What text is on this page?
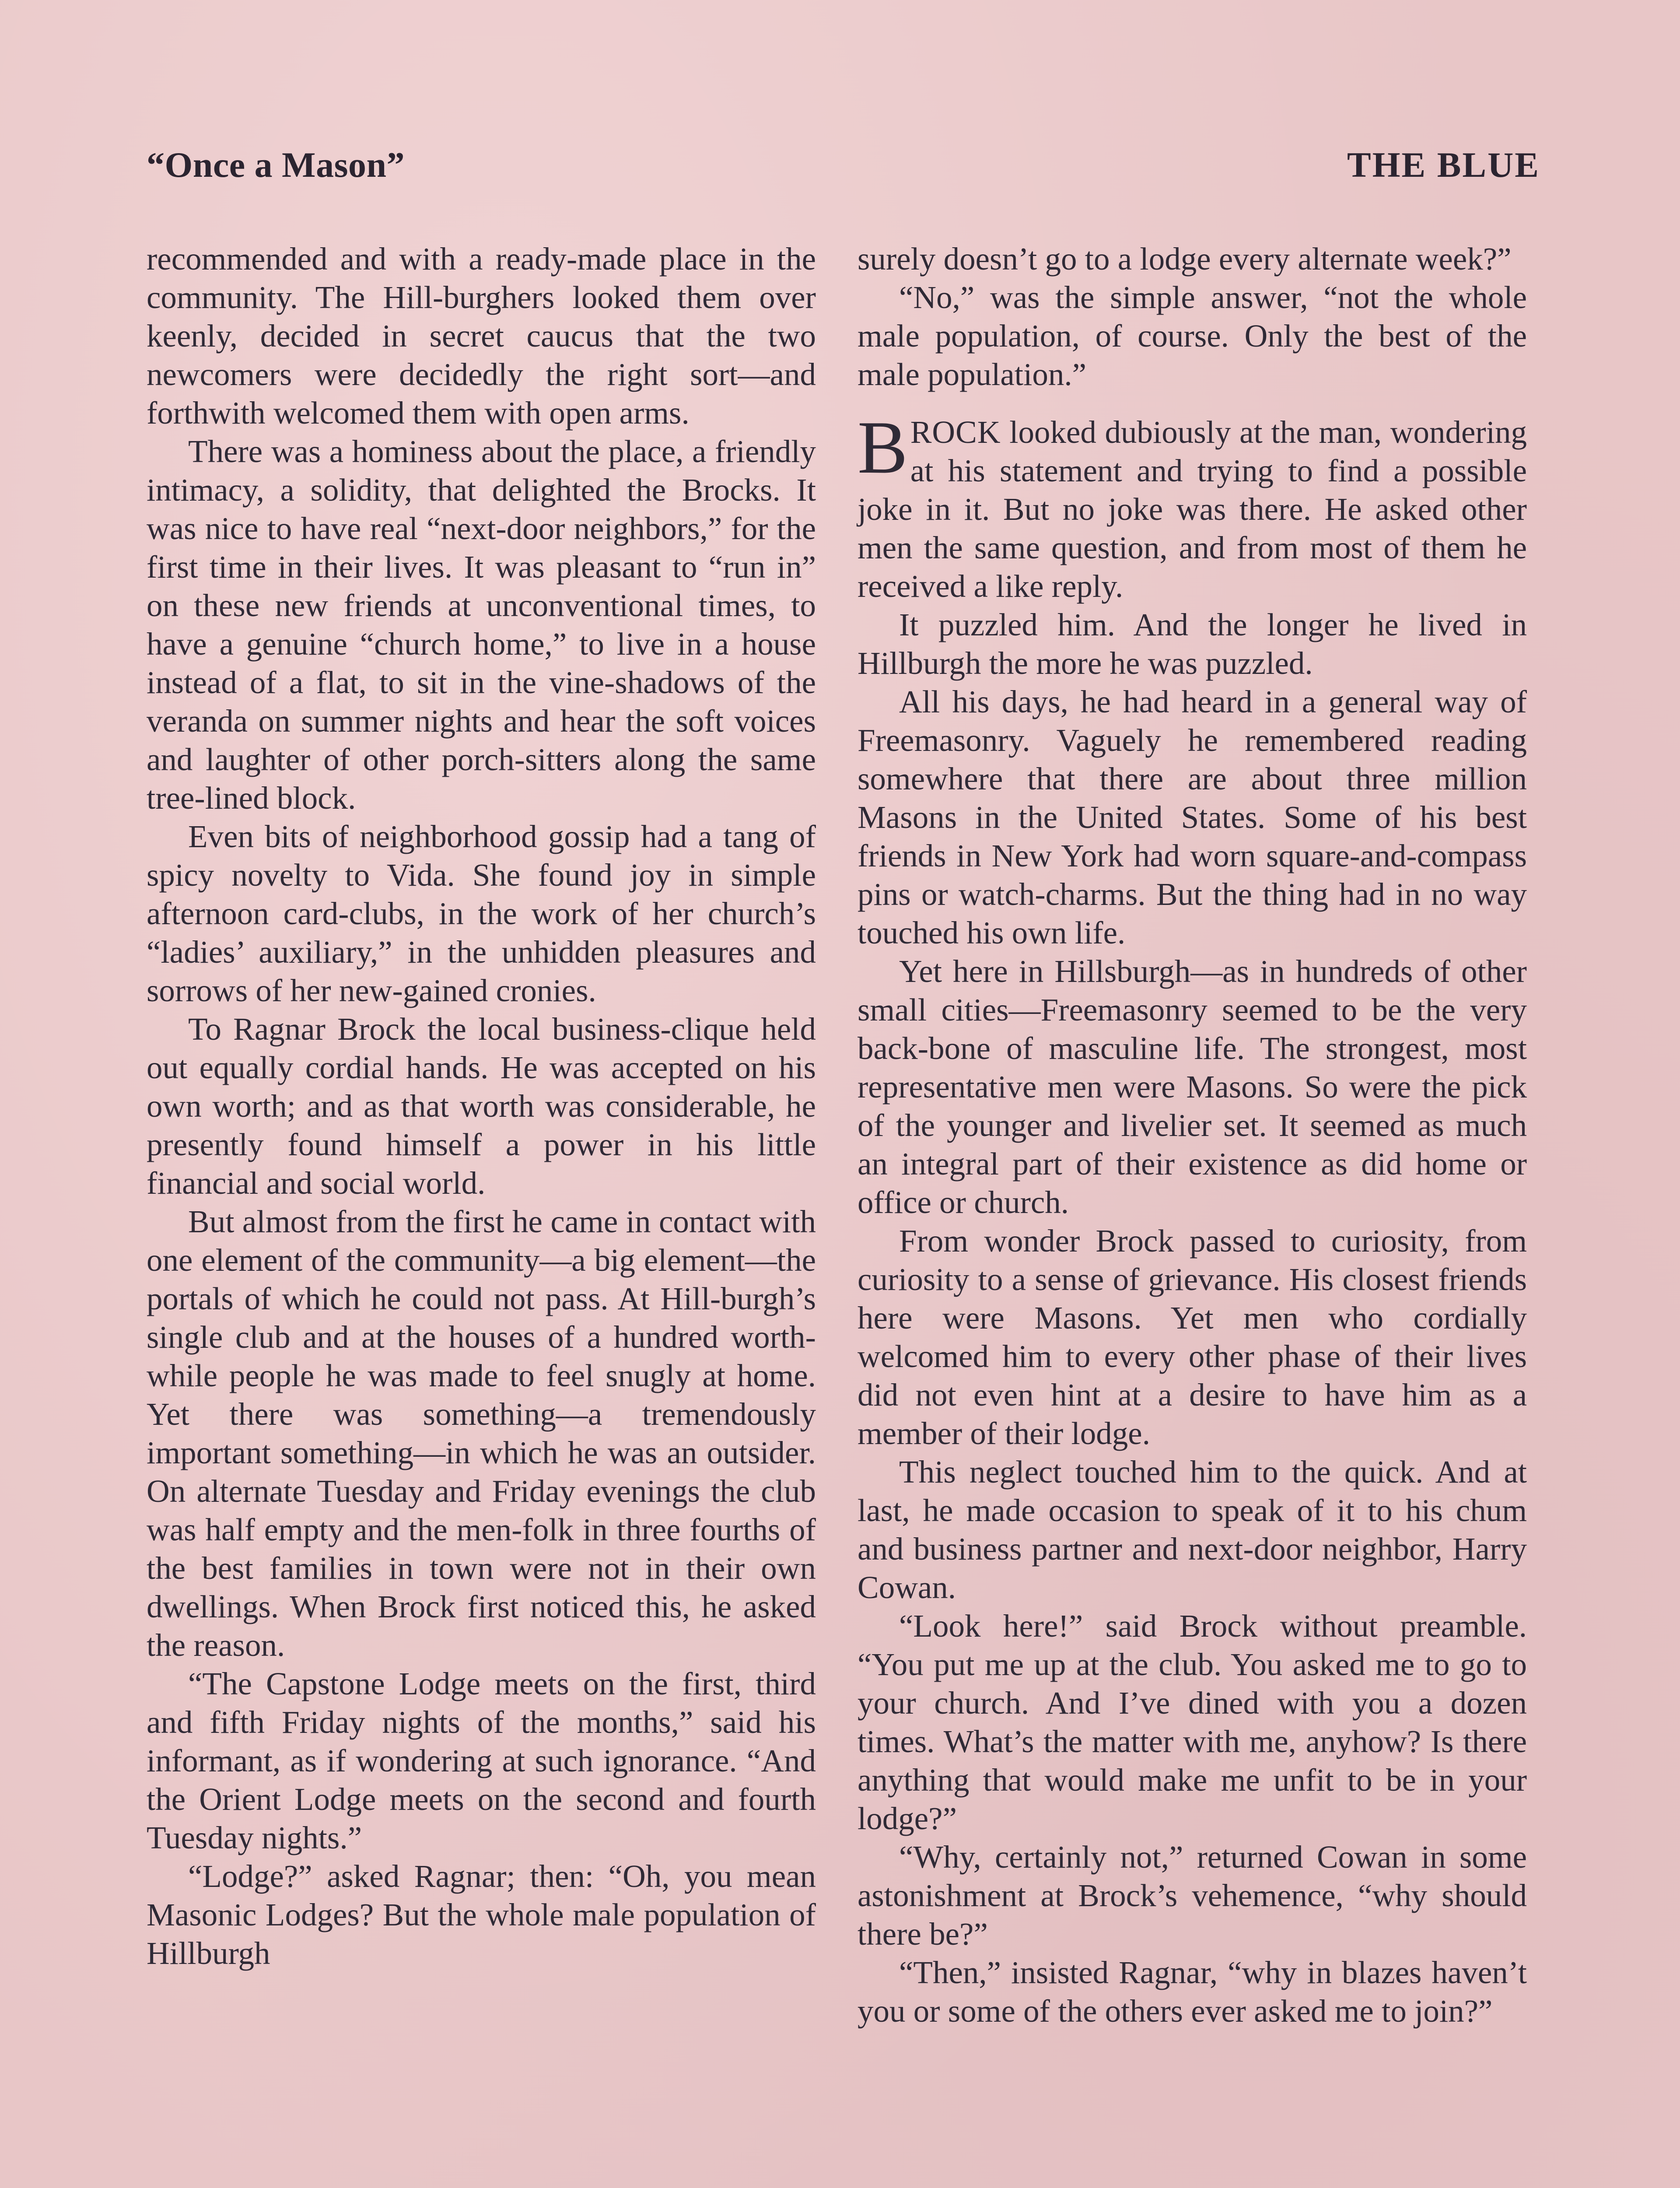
“Once a Mason”	THE BLUE

recommended and with a ready-made place in the community. The Hill-burghers looked them over keenly, decided in secret caucus that the two newcomers were decidedly the right sort—and forthwith welcomed them with open arms.

There was a hominess about the place, a friendly intimacy, a solidity, that delighted the Brocks. It was nice to have real “next-door neighbors,” for the first time in their lives. It was pleasant to “run in” on these new friends at unconventional times, to have a genuine “church home,” to live in a house instead of a flat, to sit in the vine-shadows of the veranda on summer nights and hear the soft voices and laughter of other porch-sitters along the same tree-lined block.

Even bits of neighborhood gossip had a tang of spicy novelty to Vida. She found joy in simple afternoon card-clubs, in the work of her church’s “ladies’ auxiliary,” in the unhidden pleasures and sorrows of her new-gained cronies.

To Ragnar Brock the local business-clique held out equally cordial hands. He was accepted on his own worth; and as that worth was considerable, he presently found himself a power in his little financial and social world.

But almost from the first he came in contact with one element of the community—a big element—the portals of which he could not pass. At Hill-burgh’s single club and at the houses of a hundred worth-while people he was made to feel snugly at home. Yet there was something—a tremendously important something—in which he was an outsider. On alternate Tuesday and Friday evenings the club was half empty and the men-folk in three fourths of the best families in town were not in their own dwellings. When Brock first noticed this, he asked the reason.

“The Capstone Lodge meets on the first, third and fifth Friday nights of the months,” said his informant, as if wondering at such ignorance. “And the Orient Lodge meets on the second and fourth Tuesday nights.”

“Lodge?” asked Ragnar; then: “Oh, you mean Masonic Lodges? But the whole male population of Hillburgh

surely doesn’t go to a lodge every alternate week?”

“No,” was the simple answer, “not the whole male population, of course. Only the best of the male population.”

BROCK looked dubiously at the man, wondering at his statement and trying to find a possible joke in it. But no joke was there. He asked other men the same question, and from most of them he received a like reply.

It puzzled him. And the longer he lived in Hillburgh the more he was puzzled.

All his days, he had heard in a general way of Freemasonry. Vaguely he remembered reading somewhere that there are about three million Masons in the United States. Some of his best friends in New York had worn square-and-compass pins or watch-charms. But the thing had in no way touched his own life.

Yet here in Hillsburgh—as in hundreds of other small cities—Freemasonry seemed to be the very back-bone of masculine life. The strongest, most representative men were Masons. So were the pick of the younger and livelier set. It seemed as much an integral part of their existence as did home or office or church.

From wonder Brock passed to curiosity, from curiosity to a sense of grievance. His closest friends here were Masons. Yet men who cordially welcomed him to every other phase of their lives did not even hint at a desire to have him as a member of their lodge.

This neglect touched him to the quick. And at last, he made occasion to speak of it to his chum and business partner and next-door neighbor, Harry Cowan.

“Look here!” said Brock without preamble. “You put me up at the club. You asked me to go to your church. And I’ve dined with you a dozen times. What’s the matter with me, anyhow? Is there anything that would make me unfit to be in your lodge?”

“Why, certainly not,” returned Cowan in some astonishment at Brock’s vehemence, “why should there be?”

“Then,” insisted Ragnar, “why in blazes haven’t you or some of the others ever asked me to join?”
